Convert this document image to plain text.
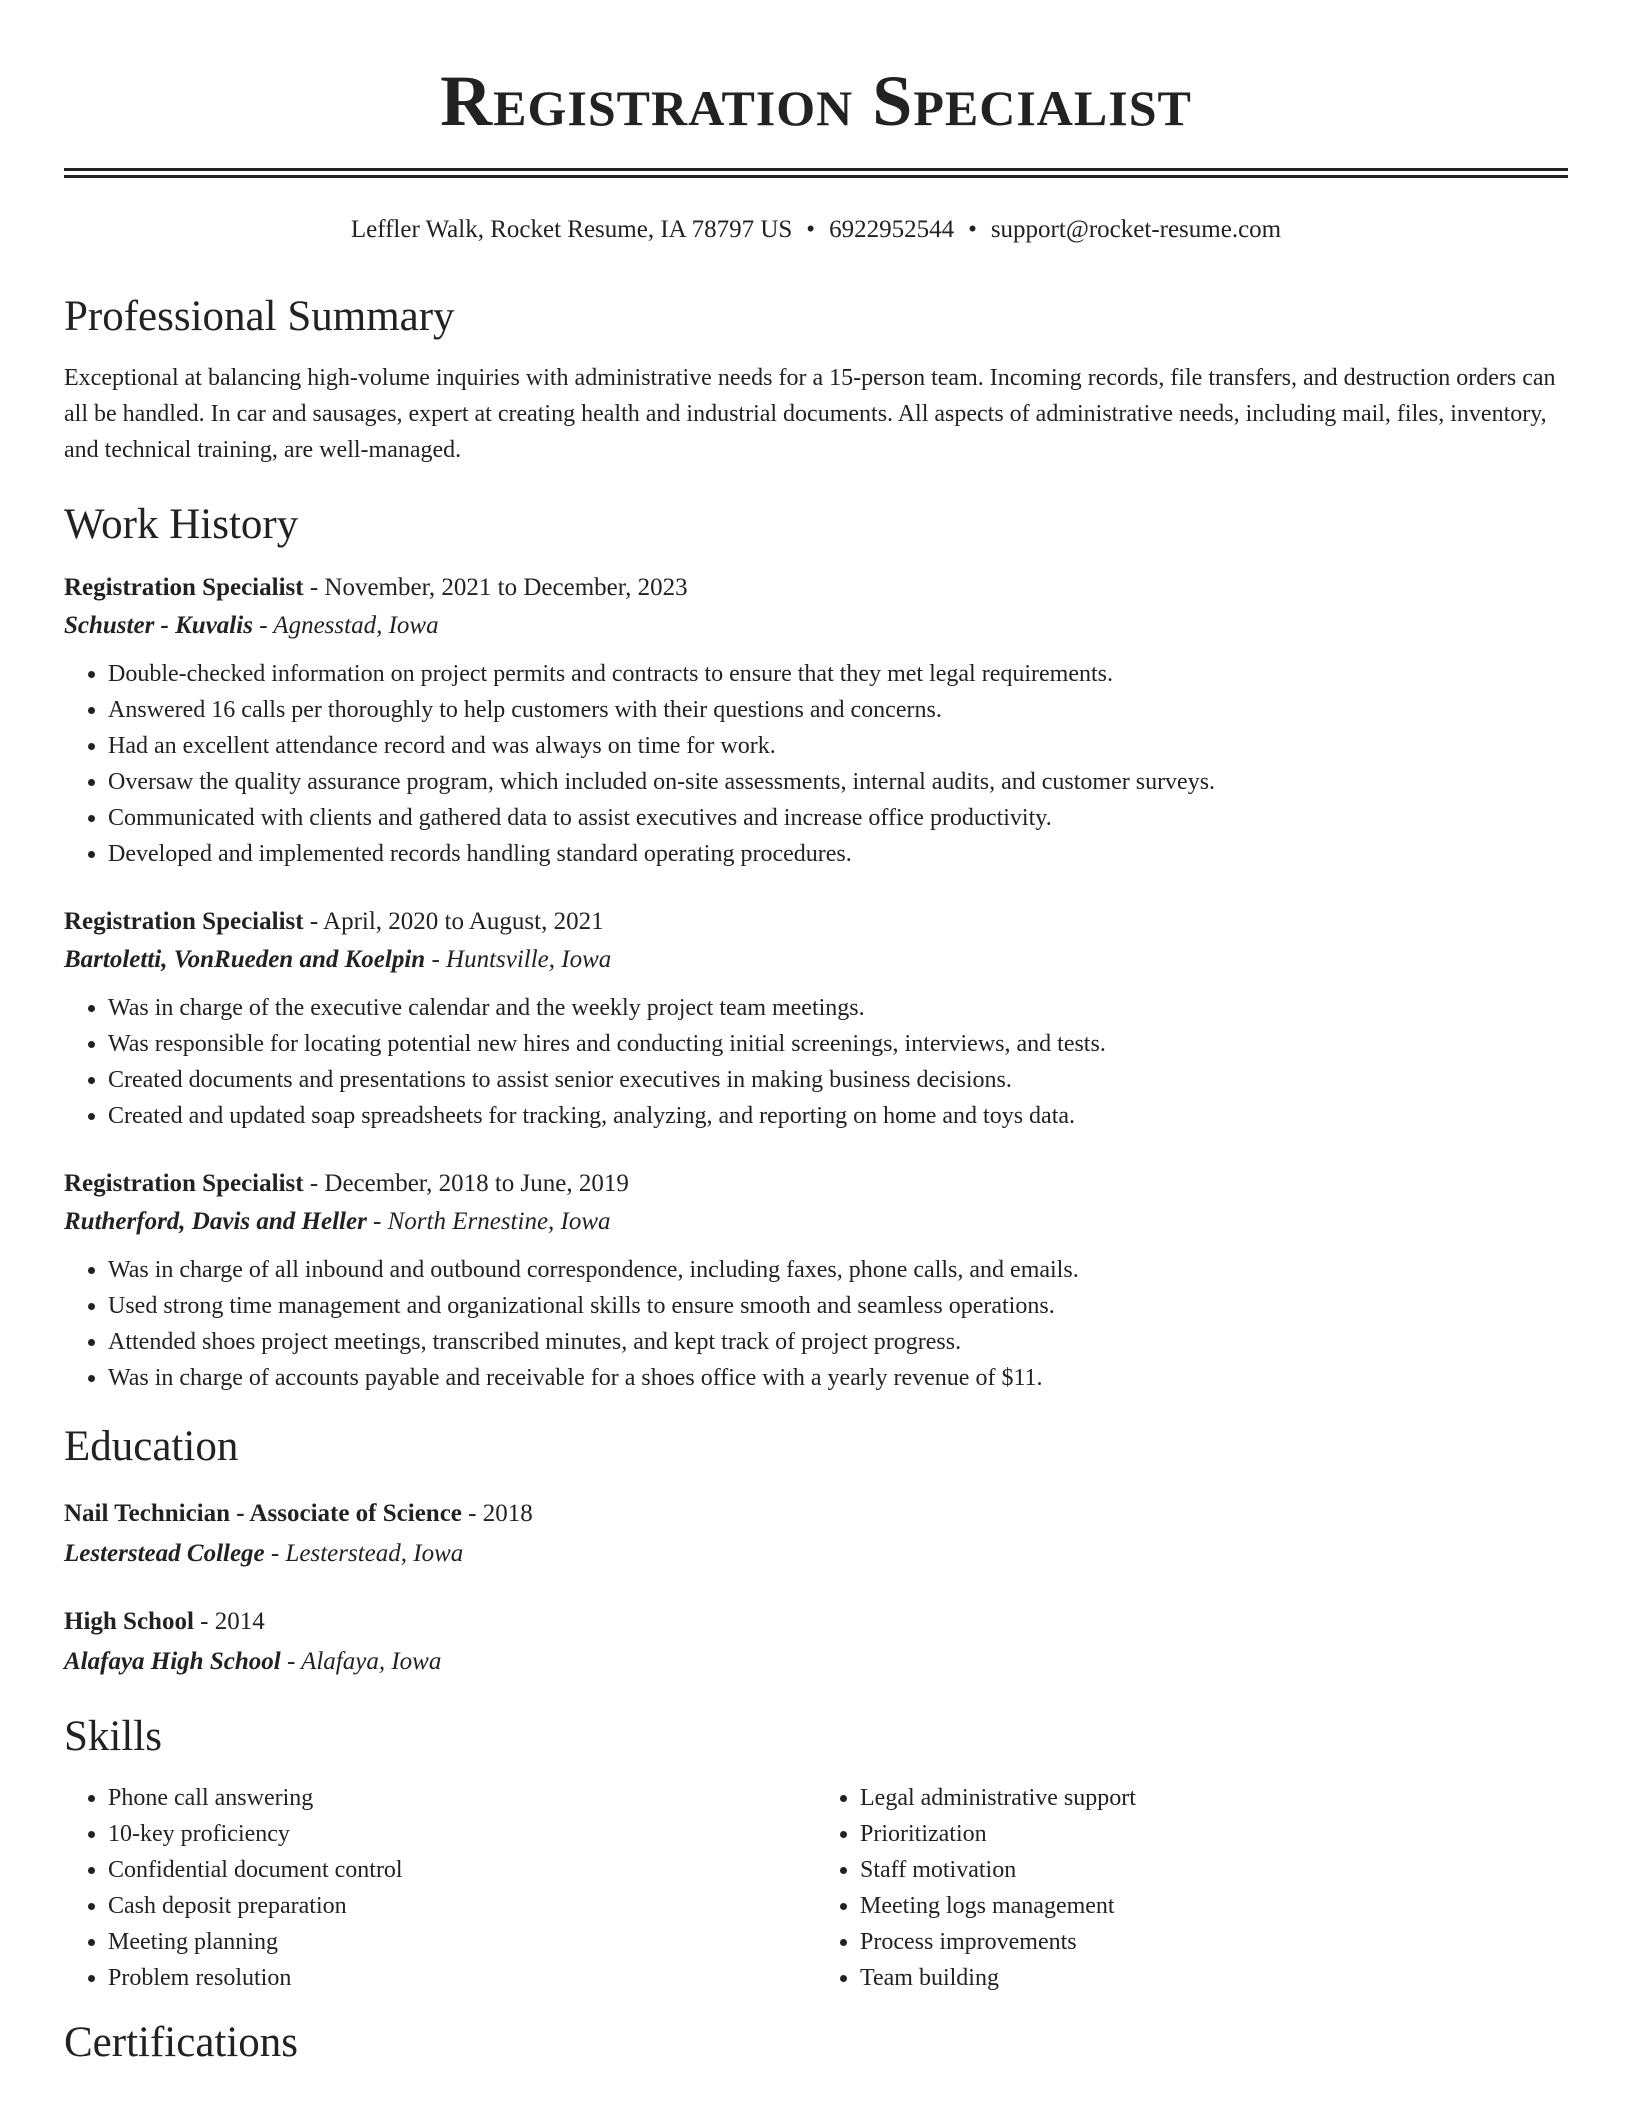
Registration Specialist
Leffler Walk, Rocket Resume, IA 78797 US • 6922952544 • support@rocket-resume.com
Professional Summary
Exceptional at balancing high-volume inquiries with administrative needs for a 15-person team. Incoming records, file transfers, and destruction orders can all be handled. In car and sausages, expert at creating health and industrial documents. All aspects of administrative needs, including mail, files, inventory, and technical training, are well-managed.
Work History
Registration Specialist - November, 2021 to December, 2023
Schuster - Kuvalis - Agnesstad, Iowa
• Double-checked information on project permits and contracts to ensure that they met legal requirements.
• Answered 16 calls per thoroughly to help customers with their questions and concerns.
• Had an excellent attendance record and was always on time for work.
• Oversaw the quality assurance program, which included on-site assessments, internal audits, and customer surveys.
• Communicated with clients and gathered data to assist executives and increase office productivity.
• Developed and implemented records handling standard operating procedures.
Registration Specialist - April, 2020 to August, 2021
Bartoletti, VonRueden and Koelpin - Huntsville, Iowa
• Was in charge of the executive calendar and the weekly project team meetings.
• Was responsible for locating potential new hires and conducting initial screenings, interviews, and tests.
• Created documents and presentations to assist senior executives in making business decisions.
• Created and updated soap spreadsheets for tracking, analyzing, and reporting on home and toys data.
Registration Specialist - December, 2018 to June, 2019
Rutherford, Davis and Heller - North Ernestine, Iowa
• Was in charge of all inbound and outbound correspondence, including faxes, phone calls, and emails.
• Used strong time management and organizational skills to ensure smooth and seamless operations.
• Attended shoes project meetings, transcribed minutes, and kept track of project progress.
• Was in charge of accounts payable and receivable for a shoes office with a yearly revenue of $11.
Education
Nail Technician - Associate of Science - 2018
Lesterstead College - Lesterstead, Iowa
High School - 2014
Alafaya High School - Alafaya, Iowa
Skills
• Phone call answering
• 10-key proficiency
• Confidential document control
• Cash deposit preparation
• Meeting planning
• Problem resolution
• Legal administrative support
• Prioritization
• Staff motivation
• Meeting logs management
• Process improvements
• Team building
Certifications
